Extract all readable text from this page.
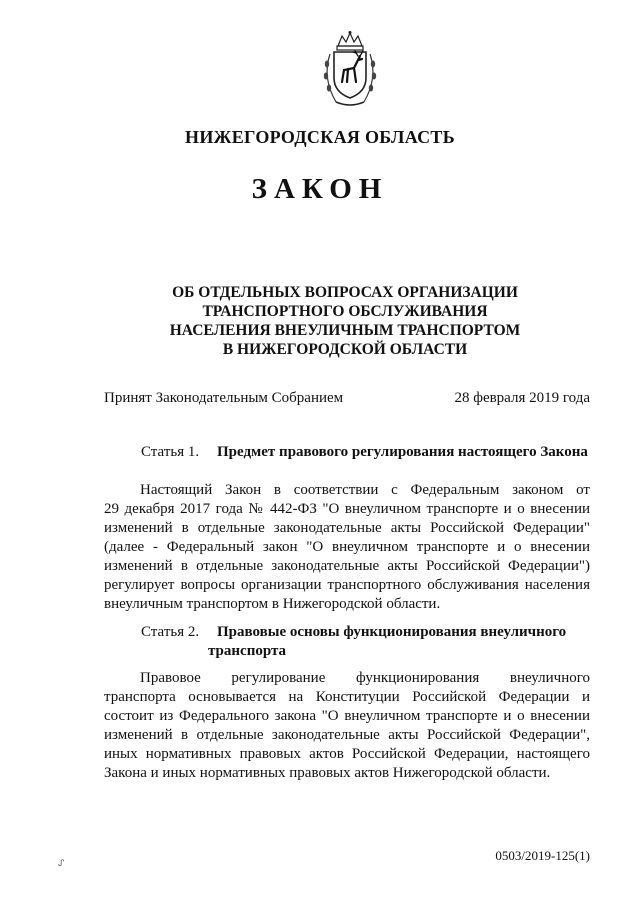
НИЖЕГОРОДСКАЯ ОБЛАСТЬ
ЗАКОН
ОБ ОТДЕЛЬНЫХ ВОПРОСАХ ОРГАНИЗАЦИИ
ТРАНСПОРТНОГО ОБСЛУЖИВАНИЯ
НАСЕЛЕНИЯ ВНЕУЛИЧНЫМ ТРАНСПОРТОМ
В НИЖЕГОРОДСКОЙ ОБЛАСТИ
Принят Законодательным Собранием	28 февраля 2019 года
Статья 1. Предмет правового регулирования настоящего Закона
Настоящий Закон в соответствии с Федеральным законом от
29 декабря 2017 года № 442-ФЗ "О внеуличном транспорте и о внесении
изменений в отдельные законодательные акты Российской Федерации"
(далее - Федеральный закон "О внеуличном транспорте и о внесении
изменений в отдельные законодательные акты Российской Федерации")
регулирует вопросы организации транспортного обслуживания населения
внеуличным транспортом в Нижегородской области.
Статья 2. Правовые основы функционирования внеуличного
транспорта
Правовое регулирование функционирования внеуличного
транспорта основывается на Конституции Российской Федерации и
состоит из Федерального закона "О внеуличном транспорте и о внесении
изменений в отдельные законодательные акты Российской Федерации",
иных нормативных правовых актов Российской Федерации, настоящего
Закона и иных нормативных правовых актов Нижегородской области.
ᔑ	0503/2019-125(1)
